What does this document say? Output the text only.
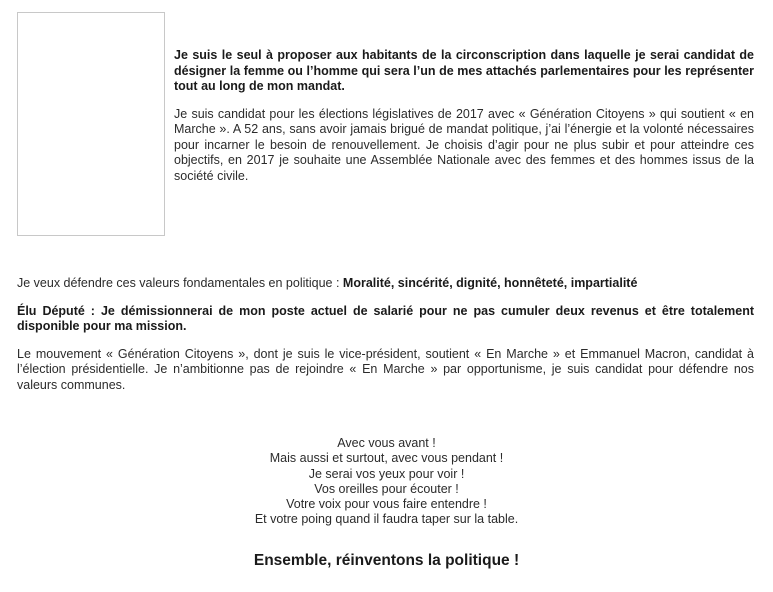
Je suis le seul à proposer aux habitants de la circonscription dans laquelle je serai candidat de désigner la femme ou l’homme qui sera l’un de mes attachés parlementaires pour les représenter tout au long de mon mandat.

Je suis candidat pour les élections législatives de 2017 avec « Génération Citoyens » qui soutient « en Marche ». A 52 ans, sans avoir jamais brigué de mandat politique, j’ai l’énergie et la volonté nécessaires pour incarner le besoin de renouvellement. Je choisis d’agir pour ne plus subir et pour atteindre ces objectifs, en 2017 je souhaite une Assemblée Nationale avec des femmes et des hommes issus de la société civile.

Je veux défendre ces valeurs fondamentales en politique : Moralité, sincérité, dignité, honnêteté, impartialité

Élu Député : Je démissionnerai de mon poste actuel de salarié pour ne pas cumuler deux revenus et être totalement disponible pour ma mission.

Le mouvement « Génération Citoyens », dont je suis le vice-président, soutient « En Marche » et Emmanuel Macron, candidat à l’élection présidentielle. Je n’ambitionne pas de rejoindre « En Marche » par opportunisme, je suis candidat pour défendre nos valeurs communes.

Avec vous avant !
Mais aussi et surtout, avec vous pendant !
Je serai vos yeux pour voir !
Vos oreilles pour écouter !
Votre voix pour vous faire entendre !
Et votre poing quand il faudra taper sur la table.
Ensemble, réinventons la politique !
